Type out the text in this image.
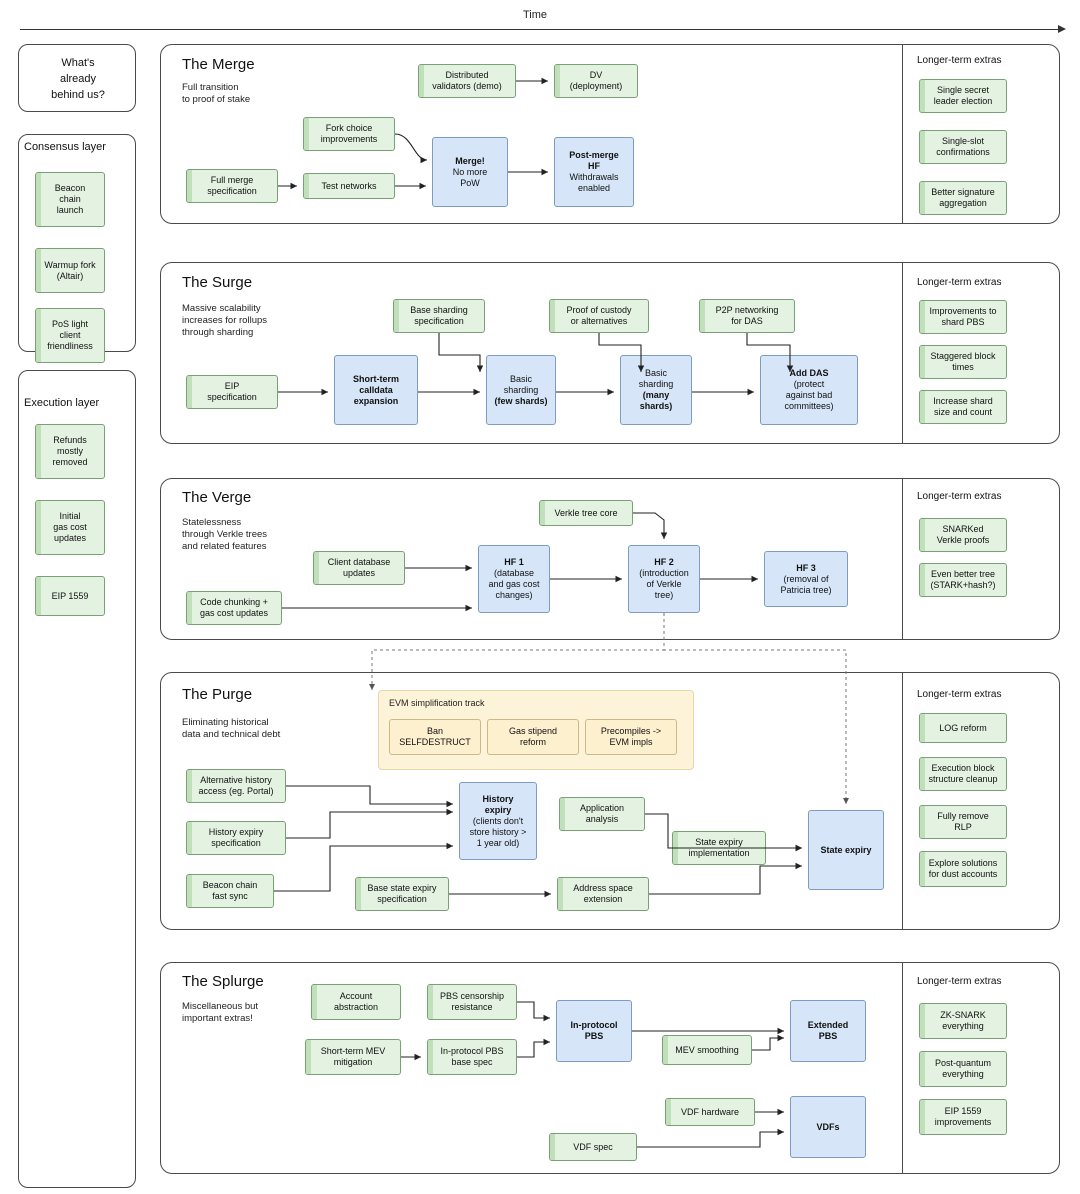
Time
What's
already
behind us?
Consensus layer
Beacon
chain
launch
Warmup fork
(Altair)
PoS light
client
friendliness
Execution layer
Refunds
mostly
removed
Initial
gas cost
updates
EIP 1559
The Merge
Full transition
to proof of stake
Longer-term extras
Single secret
leader election
Single-slot
confirmations
Better signature
aggregation
Distributed
validators (demo)
DV
(deployment)
Fork choice
improvements
Full merge
specification
Test networks
Merge!
No more
PoW
Post-merge
HF
Withdrawals
enabled
The Surge
Massive scalability
increases for rollups
through sharding
Longer-term extras
Improvements to
shard PBS
Staggered block
times
Increase shard
size and count
Base sharding
specification
Proof of custody
or alternatives
P2P networking
for DAS
EIP
specification
Short-term
calldata
expansion
Basic
sharding
(few shards)
Basic
sharding
(many
shards)
Add DAS
(protect
against bad
committees)
The Verge
Statelessness
through Verkle trees
and related features
Longer-term extras
SNARKed
Verkle proofs
Even better tree
(STARK+hash?)
Verkle tree core
Client database
updates
Code chunking +
gas cost updates
HF 1
(database
and gas cost
changes)
HF 2
(introduction
of Verkle
tree)
HF 3
(removal of
Patricia tree)
The Purge
Eliminating historical
data and technical debt
Longer-term extras
LOG reform
Execution block
structure cleanup
Fully remove
RLP
Explore solutions
for dust accounts
EVM simplification track
Ban
SELFDESTRUCT
Gas stipend
reform
Precompiles ->
EVM impls
Alternative history
access (eg. Portal)
History expiry
specification
Beacon chain
fast sync
History
expiry
(clients don't
store history >
1 year old)
Application
analysis
State expiry
implementation
Base state expiry
specification
Address space
extension
State expiry
The Splurge
Miscellaneous but
important extras!
Longer-term extras
ZK-SNARK
everything
Post-quantum
everything
EIP 1559
improvements
Account
abstraction
PBS censorship
resistance
Short-term MEV
mitigation
In-protocol PBS
base spec
In-protocol
PBS
MEV smoothing
Extended
PBS
VDF hardware
VDF spec
VDFs
